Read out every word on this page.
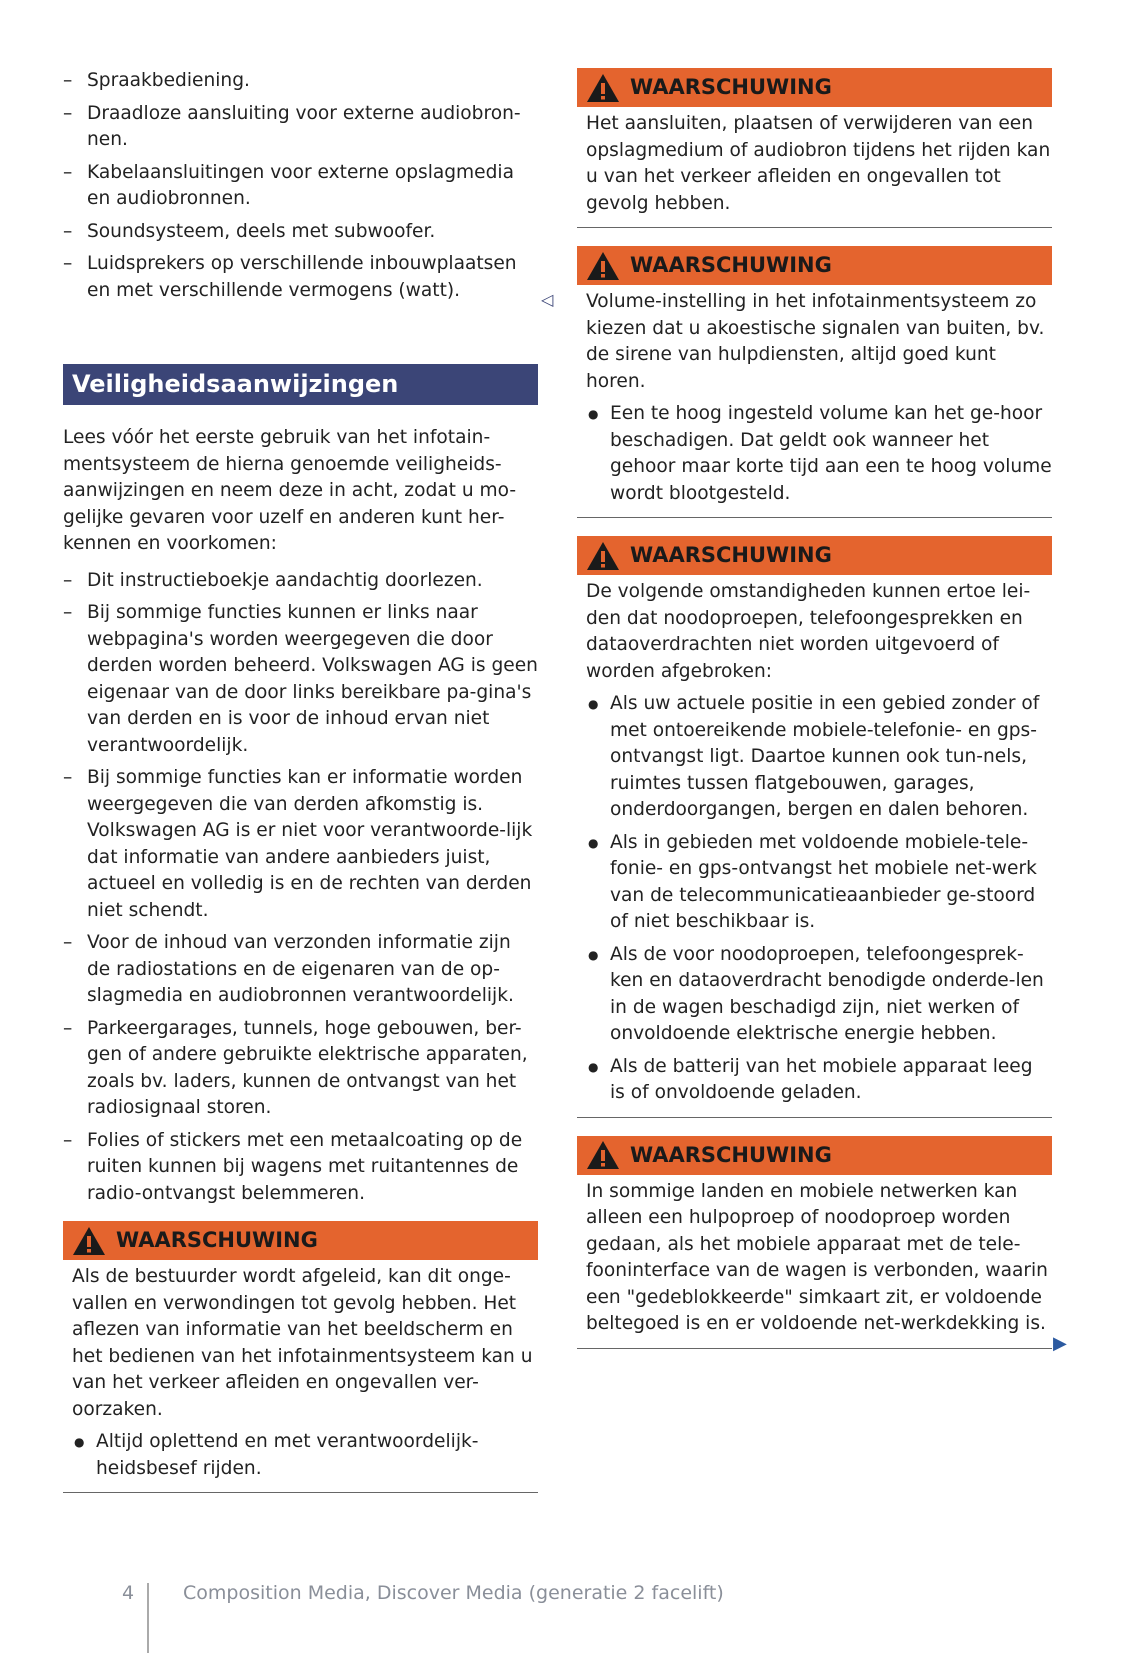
– Spraakbediening.
– Draadloze aansluiting voor externe audiobron-nen.
– Kabelaansluitingen voor externe opslagmedia en audiobronnen.
– Soundsysteem, deels met subwoofer.
– Luidsprekers op verschillende inbouwplaatsen en met verschillende vermogens (watt).
Veiligheidsaanwijzingen

Lees vóór het eerste gebruik van het infotain-mentsysteem de hierna genoemde veiligheids-aanwijzingen en neem deze in acht, zodat u mo-gelijke gevaren voor uzelf en anderen kunt her-kennen en voorkomen:

– Dit instructieboekje aandachtig doorlezen.
– Bij sommige functies kunnen er links naar webpagina's worden weergegeven die door derden worden beheerd. Volkswagen AG is geen eigenaar van de door links bereikbare pa-gina's van derden en is voor de inhoud ervan niet verantwoordelijk.
– Bij sommige functies kan er informatie worden weergegeven die van derden afkomstig is. Volkswagen AG is er niet voor verantwoorde-lijk dat informatie van andere aanbieders juist, actueel en volledig is en de rechten van derden niet schendt.
– Voor de inhoud van verzonden informatie zijn de radiostations en de eigenaren van de op-slagmedia en audiobronnen verantwoordelijk.
– Parkeergarages, tunnels, hoge gebouwen, ber-gen of andere gebruikte elektrische apparaten, zoals bv. laders, kunnen de ontvangst van het radiosignaal storen.
– Folies of stickers met een metaalcoating op de ruiten kunnen bij wagens met ruitantennes de radio-ontvangst belemmeren.
WAARSCHUWING

Als de bestuurder wordt afgeleid, kan dit onge-vallen en verwondingen tot gevolg hebben. Het aflezen van informatie van het beeldscherm en het bedienen van het infotainmentsysteem kan u van het verkeer afleiden en ongevallen ver-oorzaken.

● Altijd oplettend en met verantwoordelijk-heidsbesef rijden.
◁
WAARSCHUWING

Het aansluiten, plaatsen of verwijderen van een opslagmedium of audiobron tijdens het rijden kan u van het verkeer afleiden en ongevallen tot gevolg hebben.

WAARSCHUWING

Volume-instelling in het infotainmentsysteem zo kiezen dat u akoestische signalen van buiten, bv. de sirene van hulpdiensten, altijd goed kunt horen.

● Een te hoog ingesteld volume kan het ge-hoor beschadigen. Dat geldt ook wanneer het gehoor maar korte tijd aan een te hoog volume wordt blootgesteld.
WAARSCHUWING

De volgende omstandigheden kunnen ertoe lei-den dat noodoproepen, telefoongesprekken en dataoverdrachten niet worden uitgevoerd of worden afgebroken:

● Als uw actuele positie in een gebied zonder of met ontoereikende mobiele-telefonie- en gps-ontvangst ligt. Daartoe kunnen ook tun-nels, ruimtes tussen flatgebouwen, garages, onderdoorgangen, bergen en dalen behoren.
● Als in gebieden met voldoende mobiele-tele-fonie- en gps-ontvangst het mobiele net-werk van de telecommunicatieaanbieder ge-stoord of niet beschikbaar is.
● Als de voor noodoproepen, telefoongesprek-ken en dataoverdracht benodigde onderde-len in de wagen beschadigd zijn, niet werken of onvoldoende elektrische energie hebben.
● Als de batterij van het mobiele apparaat leeg is of onvoldoende geladen.
WAARSCHUWING

In sommige landen en mobiele netwerken kan alleen een hulpoproep of noodoproep worden gedaan, als het mobiele apparaat met de tele-fooninterface van de wagen is verbonden, waarin een "gedeblokkeerde" simkaart zit, er voldoende beltegoed is en er voldoende net-werkdekking is.

▶
4	Composition Media, Discover Media (generatie 2 facelift)
